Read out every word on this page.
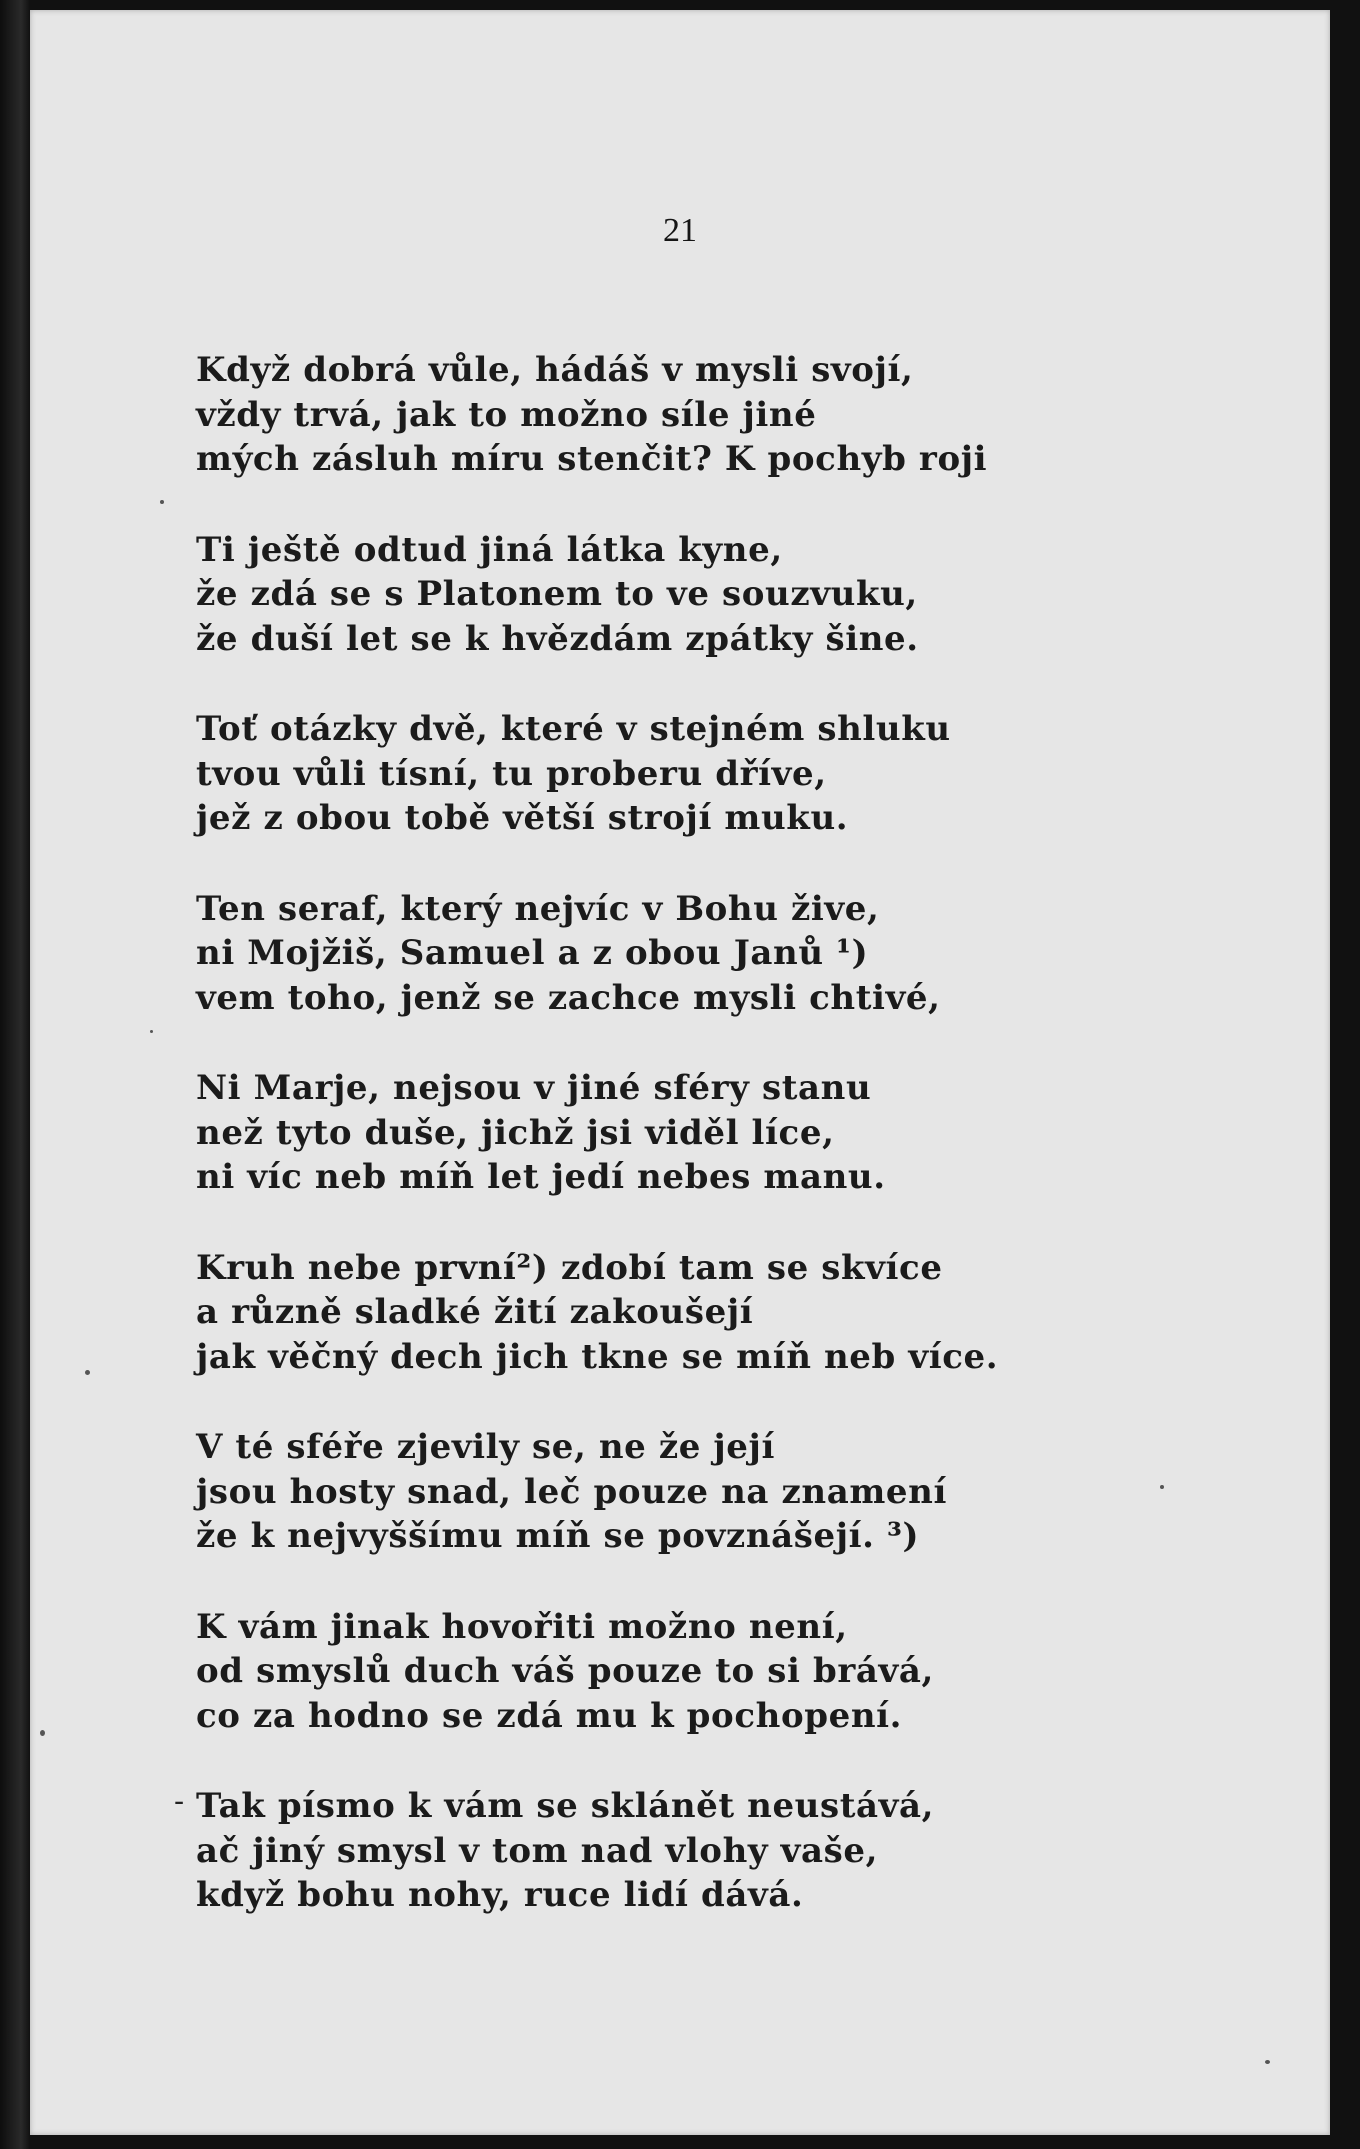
21
Když dobrá vůle, hádáš v mysli svojí,
vždy trvá, jak to možno síle jiné
mých zásluh míru stenčit? K pochyb roji
Ti ještě odtud jiná látka kyne,
že zdá se s Platonem to ve souzvuku,
že duší let se k hvězdám zpátky šine.
Toť otázky dvě, které v stejném shluku
tvou vůli tísní, tu proberu dříve,
jež z obou tobě větší strojí muku.
Ten seraf, který nejvíc v Bohu žive,
ni Mojžiš, Samuel a z obou Janů ¹)
vem toho, jenž se zachce mysli chtivé,
Ni Marje, nejsou v jiné sféry stanu
než tyto duše, jichž jsi viděl líce,
ni víc neb míň let jedí nebes manu.
Kruh nebe první²) zdobí tam se skvíce
a různě sladké žití zakoušejí
jak věčný dech jich tkne se míň neb více.
V té sféře zjevily se, ne že její
jsou hosty snad, leč pouze na znamení
že k nejvyššímu míň se povznášejí. ³)
K vám jinak hovořiti možno není,
od smyslů duch váš pouze to si brává,
co za hodno se zdá mu k pochopení.
- Tak písmo k vám se sklánět neustává,
ač jiný smysl v tom nad vlohy vaše,
když bohu nohy, ruce lidí dává.
